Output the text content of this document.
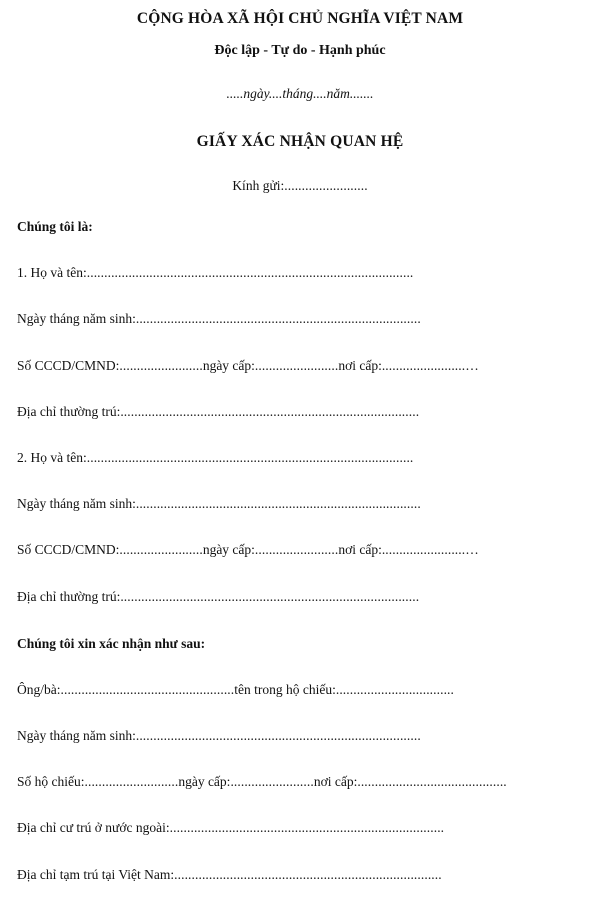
CỘNG HÒA XÃ HỘI CHỦ NGHĨA VIỆT NAM

Độc lập - Tự do - Hạnh phúc

.....ngày....tháng....năm.......

GIẤY XÁC NHẬN QUAN HỆ

Kính gửi:........................

Chúng tôi là:

1. Họ và tên:..............................................................................................

Ngày tháng năm sinh:..................................................................................

Số CCCD/CMND:........................ngày cấp:........................nơi cấp:........................…

Địa chỉ thường trú:......................................................................................

2. Họ và tên:..............................................................................................

Ngày tháng năm sinh:..................................................................................

Số CCCD/CMND:........................ngày cấp:........................nơi cấp:........................…

Địa chỉ thường trú:......................................................................................

Chúng tôi xin xác nhận như sau:

Ông/bà:..................................................tên trong hộ chiếu:..................................

Ngày tháng năm sinh:..................................................................................

Số hộ chiếu:...........................ngày cấp:........................nơi cấp:...........................................

Địa chỉ cư trú ở nước ngoài:...............................................................................

Địa chỉ tạm trú tại Việt Nam:.............................................................................
